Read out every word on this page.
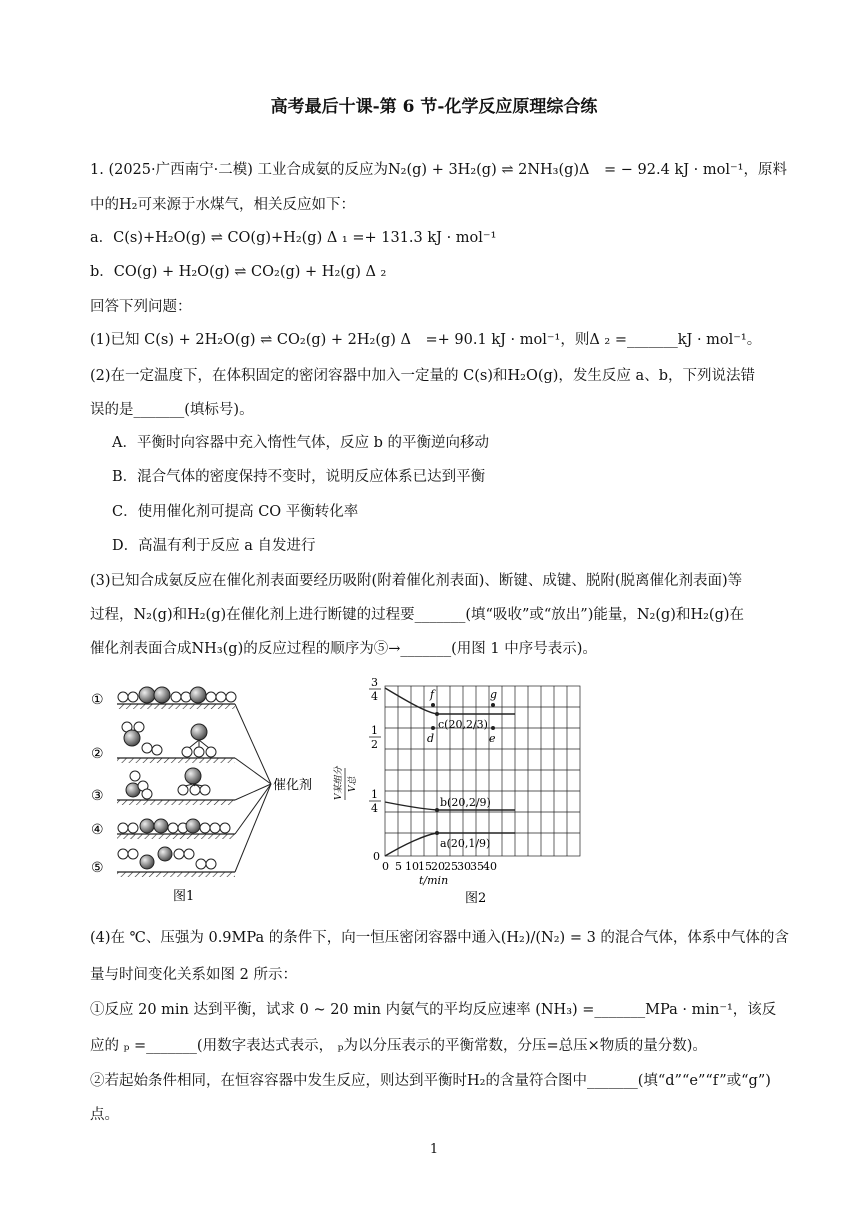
高考最后十课-第 6 节-化学反应原理综合练
1. (2025·广西南宁·二模) 工业合成氨的反应为N₂(g) + 3H₂(g) ⇌ 2NH₃(g)Δ　= − 92.4 kJ · mol⁻¹，原料
中的H₂可来源于水煤气，相关反应如下：
a．C(s)+H₂O(g) ⇌ CO(g)+H₂(g) Δ ₁ =+ 131.3 kJ · mol⁻¹
b．CO(g) + H₂O(g) ⇌ CO₂(g) + H₂(g) Δ ₂
回答下列问题：
(1)已知 C(s) + 2H₂O(g) ⇌ CO₂(g) + 2H₂(g) Δ　=+ 90.1 kJ · mol⁻¹，则Δ ₂ =_______kJ · mol⁻¹。
(2)在一定温度下，在体积固定的密闭容器中加入一定量的 C(s)和H₂O(g)，发生反应 a、b，下列说法错
误的是_______(填标号)。
A．平衡时向容器中充入惰性气体，反应 b 的平衡逆向移动
B．混合气体的密度保持不变时，说明反应体系已达到平衡
C．使用催化剂可提高 CO 平衡转化率
D．高温有利于反应 a 自发进行
(3)已知合成氨反应在催化剂表面要经历吸附(附着催化剂表面)、断键、成键、脱附(脱离催化剂表面)等
过程，N₂(g)和H₂(g)在催化剂上进行断键的过程要_______(填“吸收”或“放出”)能量，N₂(g)和H₂(g)在
催化剂表面合成NH₃(g)的反应过程的顺序为⑤→_______(用图 1 中序号表示)。
①
②
③
④
⑤
催化剂
图1
V某组分 V总
3
4
1
2
1
4
0
0 5 10 15 20 25 30 35 40
t/min
f	g
d	e
c(20,2/3)
b(20,2/9)
a(20,1/9)
图2
(4)在 ℃、压强为 0.9MPa 的条件下，向一恒压密闭容器中通入(H₂)/(N₂) = 3 的混合气体，体系中气体的含
量与时间变化关系如图 2 所示：
①反应 20 min 达到平衡，试求 0 ~ 20 min 内氨气的平均反应速率 (NH₃) =_______MPa · min⁻¹，该反
应的 ₚ =_______(用数字表达式表示， ₚ为以分压表示的平衡常数，分压=总压×物质的量分数)。
②若起始条件相同，在恒容容器中发生反应，则达到平衡时H₂的含量符合图中_______(填“d”“e”“f”或“g”)
点。
1
